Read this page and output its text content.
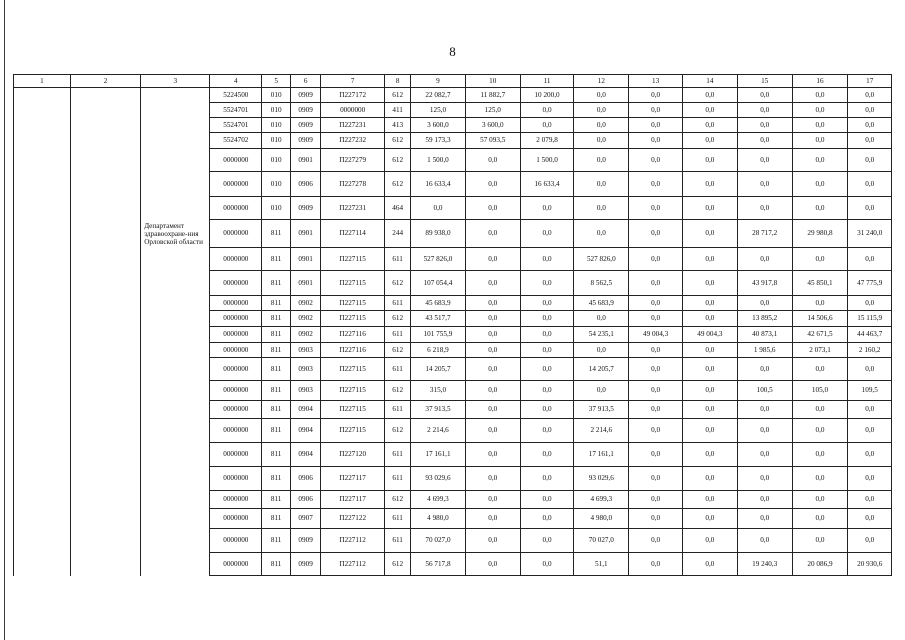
8
1	2	3	4	5	6	7	8	9	10	11	12	13	14	15	16	17
			5224500	010	0909	П227172	612	22 082,7	11 882,7	10 200,0	0,0	0,0	0,0	0,0	0,0	0,0
			5524701	010	0909	0000000	411	125,0	125,0	0,0	0,0	0,0	0,0	0,0	0,0	0,0
			5524701	010	0909	П227231	413	3 600,0	3 600,0	0,0	0,0	0,0	0,0	0,0	0,0	0,0
			5524702	010	0909	П227232	612	59 173,3	57 093,5	2 079,8	0,0	0,0	0,0	0,0	0,0	0,0
			0000000	010	0901	П227279	612	1 500,0	0,0	1 500,0	0,0	0,0	0,0	0,0	0,0	0,0
			0000000	010	0906	П227278	612	16 633,4	0,0	16 633,4	0,0	0,0	0,0	0,0	0,0	0,0
			0000000	010	0909	П227231	464	0,0	0,0	0,0	0,0	0,0	0,0	0,0	0,0	0,0
		Департамент здравоохране-ния Орловской области	0000000	811	0901	П227114	244	89 938,0	0,0	0,0	0,0	0,0	0,0	28 717,2	29 980,8	31 240,0
			0000000	811	0901	П227115	611	527 826,0	0,0	0,0	527 826,0	0,0	0,0	0,0	0,0	0,0
			0000000	811	0901	П227115	612	107 054,4	0,0	0,0	8 562,5	0,0	0,0	43 917,8	45 850,1	47 775,9
			0000000	811	0902	П227115	611	45 683,9	0,0	0,0	45 683,9	0,0	0,0	0,0	0,0	0,0
			0000000	811	0902	П227115	612	43 517,7	0,0	0,0	0,0	0,0	0,0	13 895,2	14 506,6	15 115,9
			0000000	811	0902	П227116	611	101 755,9	0,0	0,0	54 235,1	49 004,3	49 004,3	40 873,1	42 671,5	44 463,7
			0000000	811	0903	П227116	612	6 218,9	0,0	0,0	0,0	0,0	0,0	1 985,6	2 073,1	2 160,2
			0000000	811	0903	П227115	611	14 205,7	0,0	0,0	14 205,7	0,0	0,0	0,0	0,0	0,0
			0000000	811	0903	П227115	612	315,0	0,0	0,0	0,0	0,0	0,0	100,5	105,0	109,5
			0000000	811	0904	П227115	611	37 913,5	0,0	0,0	37 913,5	0,0	0,0	0,0	0,0	0,0
			0000000	811	0904	П227115	612	2 214,6	0,0	0,0	2 214,6	0,0	0,0	0,0	0,0	0,0
			0000000	811	0904	П227120	611	17 161,1	0,0	0,0	17 161,1	0,0	0,0	0,0	0,0	0,0
			0000000	811	0906	П227117	611	93 029,6	0,0	0,0	93 029,6	0,0	0,0	0,0	0,0	0,0
			0000000	811	0906	П227117	612	4 699,3	0,0	0,0	4 699,3	0,0	0,0	0,0	0,0	0,0
			0000000	811	0907	П227122	611	4 980,0	0,0	0,0	4 980,0	0,0	0,0	0,0	0,0	0,0
			0000000	811	0909	П227112	611	70 027,0	0,0	0,0	70 027,0	0,0	0,0	0,0	0,0	0,0
			0000000	811	0909	П227112	612	56 717,8	0,0	0,0	51,1	0,0	0,0	19 240,3	20 086,9	20 930,6
